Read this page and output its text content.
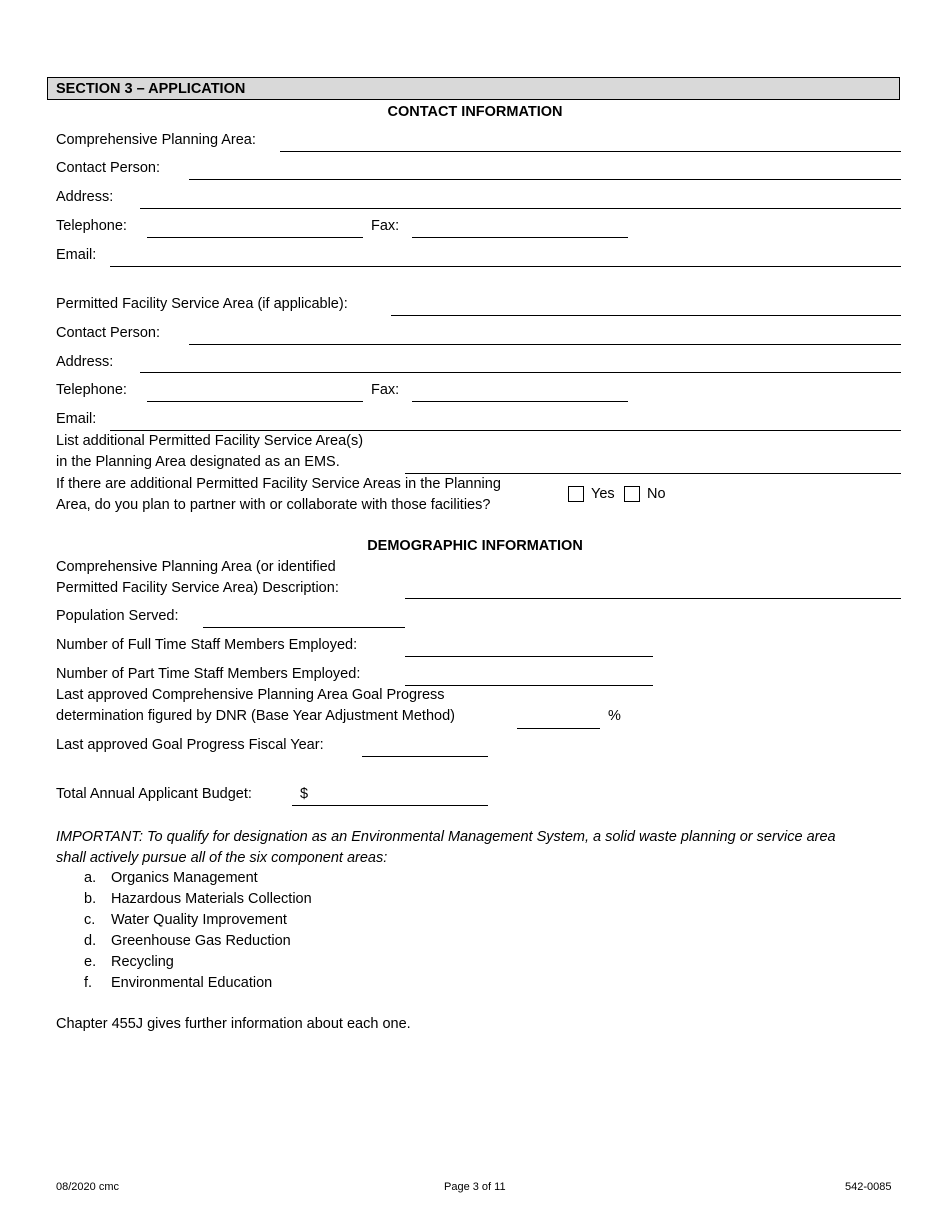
SECTION 3 – APPLICATION
CONTACT INFORMATION
Comprehensive Planning Area:
Contact Person:
Address:
Telephone:	Fax:
Email:
Permitted Facility Service Area (if applicable):
Contact Person:
Address:
Telephone:	Fax:
Email:
List additional Permitted Facility Service Area(s)
in the Planning Area designated as an EMS.
If there are additional Permitted Facility Service Areas in the Planning
Area, do you plan to partner with or collaborate with those facilities?
Yes No
DEMOGRAPHIC INFORMATION
Comprehensive Planning Area (or identified
Permitted Facility Service Area) Description:
Population Served:
Number of Full Time Staff Members Employed:
Number of Part Time Staff Members Employed:
Last approved Comprehensive Planning Area Goal Progress
determination figured by DNR (Base Year Adjustment Method)	%
Last approved Goal Progress Fiscal Year:
Total Annual Applicant Budget:	$
IMPORTANT: To qualify for designation as an Environmental Management System, a solid waste planning or service area
shall actively pursue all of the six component areas:
a. Organics Management
b. Hazardous Materials Collection
c. Water Quality Improvement
d. Greenhouse Gas Reduction
e. Recycling
f. Environmental Education
Chapter 455J gives further information about each one.
08/2020 cmc	Page 3 of 11	542-0085
